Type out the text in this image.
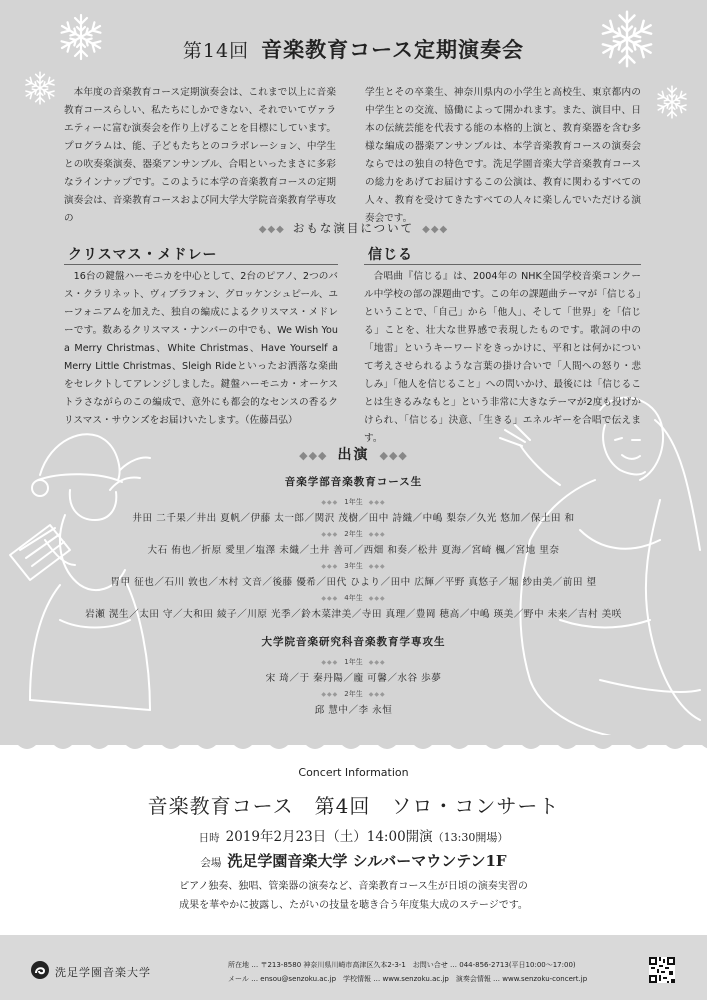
第14回 音楽教育コース定期演奏会

本年度の音楽教育コース定期演奏会は、これまで以上に音楽教育コースらしい、私たちにしかできない、それでいてヴァラエティーに富む演奏会を作り上げることを目標にしています。プログラムは、能、子どもたちとのコラボレーション、中学生との吹奏楽演奏、器楽アンサンブル、合唱といったまさに多彩なラインナップです。このように本学の音楽教育コースの定期演奏会は、音楽教育コースおよび同大学大学院音楽教育学専攻の

学生とその卒業生、神奈川県内の小学生と高校生、東京都内の中学生との交流、協働によって開かれます。また、演目中、日本の伝統芸能を代表する能の本格的上演と、教育楽器を含む多様な編成の器楽アンサンブルは、本学音楽教育コースの演奏会ならではの独自の特色です。洗足学園音楽大学音楽教育コースの総力をあげてお届けするこの公演は、教育に関わるすべての人々、教育を受けてきたすべての人々に楽しんでいただける演奏会です。

◆◆◆ おもな演目について ◆◆◆
クリスマス・メドレー

16台の鍵盤ハーモニカを中心として、2台のピアノ、2つのバス・クラリネット、ヴィブラフォン、グロッケンシュピール、ユーフォニアムを加えた、独自の編成によるクリスマス・メドレーです。数あるクリスマス・ナンバーの中でも、We Wish You a Merry Christmas、White Christmas、Have Yourself a Merry Little Christmas、Sleigh Rideといったお洒落な楽曲をセレクトしてアレンジしました。鍵盤ハーモニカ・オーケストラさながらのこの編成で、意外にも都会的なセンスの香るクリスマス・サウンズをお届けいたします。（佐藤昌弘）

信じる

合唱曲『信じる』は、2004年の NHK全国学校音楽コンクール中学校の部の課題曲です。この年の課題曲テーマが「信じる」ということで、「自己」から「他人」、そして「世界」を「信じる」ことを、壮大な世界感で表現したものです。歌詞の中の「地雷」というキーワードをきっかけに、平和とは何かについて考えさせられるような言葉の掛け合いで「人間への怒り・悲しみ」「他人を信じること」への問いかけ、最後には「信じることは生きるみなもと」という非常に大きなテーマが2度も投げかけられ、「信じる」決意、「生きる」エネルギーを合唱で伝えます。

◆◆◆ 出演 ◆◆◆
音楽学部音楽教育コース生
◆◆◆ 1年生 ◆◆◆
井田 二千果／井出 夏帆／伊藤 太一郎／関沢 茂樹／田中 詩織／中嶋 梨奈／久光 悠加／保土田 和
◆◆◆ 2年生 ◆◆◆
大石 侑也／折原 愛里／塩澤 未織／土井 善可／西畑 和奏／松井 夏海／宮崎 楓／宮地 里奈
◆◆◆ 3年生 ◆◆◆
胃甲 征也／石川 敦也／木村 文音／後藤 優希／田代 ひより／田中 広輝／平野 真悠子／堀 紗由美／前田 望
◆◆◆ 4年生 ◆◆◆
岩瀬 滉生／太田 守／大和田 綾子／川原 光季／鈴木菜津美／寺田 真理／豊岡 穂高／中嶋 瑛美／野中 未来／吉村 美咲
大学院音楽研究科音楽教育学専攻生
◆◆◆ 1年生 ◆◆◆
宋 琦／于 秦丹陽／龐 可馨／水谷 歩夢
◆◆◆ 2年生 ◆◆◆
邱 慧中／李 永恒
Concert Information
音楽教育コース　第4回　ソロ・コンサート
日時 2019年2月23日（土）14:00開演（13:30開場）
会場 洗足学園音楽大学 シルバーマウンテン1F
ピアノ独奏、独唱、管楽器の演奏など、音楽教育コース生が日頃の演奏実習の
成果を華やかに披露し、たがいの技量を聴き合う年度集大成のステージです。
洗足学園音楽大学
所在地 … 〒213-8580 神奈川県川崎市高津区久本2-3-1　お問い合せ … 044-856-2713(平日10:00～17:00)
メール … ensou@senzoku.ac.jp　学校情報 … www.senzoku.ac.jp　演奏会情報 … www.senzoku-concert.jp
